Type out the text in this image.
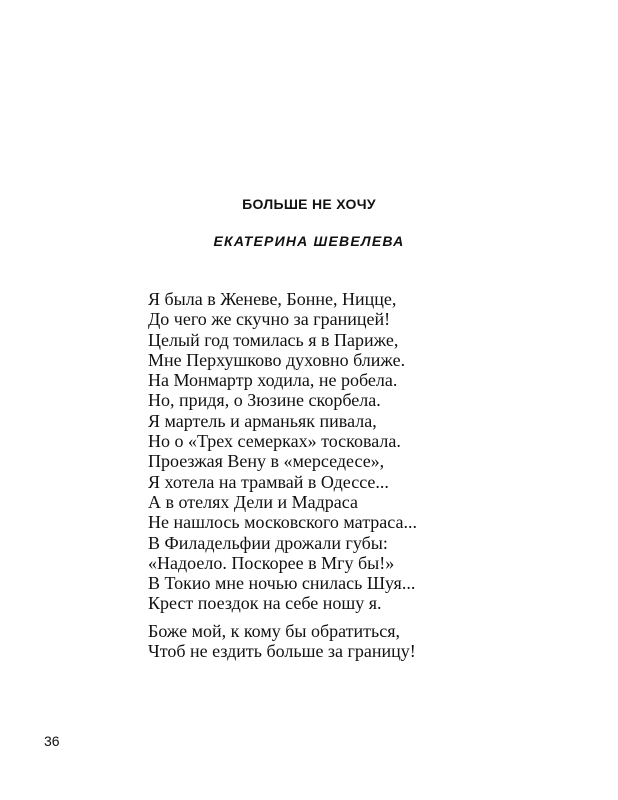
БОЛЬШЕ НЕ ХОЧУ
ЕКАТЕРИНА ШЕВЕЛЕВА
Я была в Женеве, Бонне, Ницце,
До чего же скучно за границей!
Целый год томилась я в Париже,
Мне Перхушково духовно ближе.
На Монмартр ходила, не робела.
Но, придя, о Зюзине скорбела.
Я мартель и арманьяк пивала,
Но о «Трех семерках» тосковала.
Проезжая Вену в «мерседесе»,
Я хотела на трамвай в Одессе...
А в отелях Дели и Мадраса
Не нашлось московского матраса...
В Филадельфии дрожали губы:
«Надоело. Поскорее в Мгу бы!»
В Токио мне ночью снилась Шуя...
Крест поездок на себе ношу я.
Боже мой, к кому бы обратиться,
Чтоб не ездить больше за границу!
36
